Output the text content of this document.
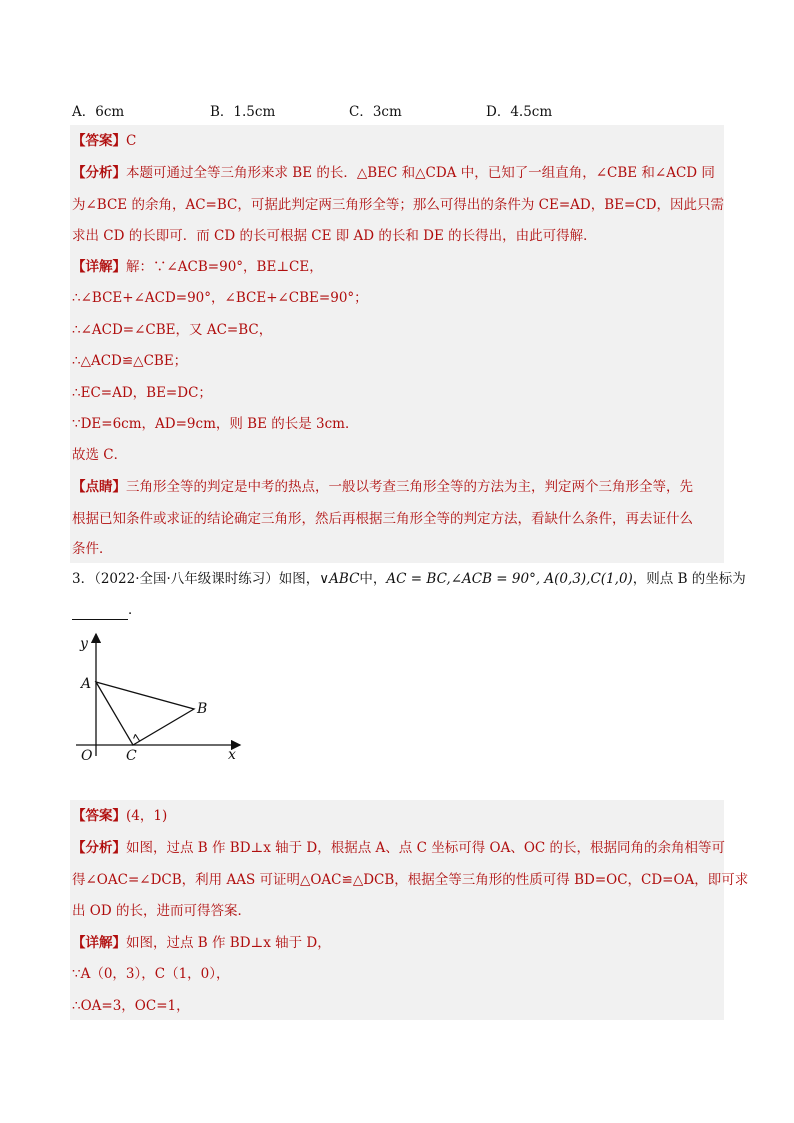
A．6cm	B．1.5cm	C．3cm	D．4.5cm
【答案】C
【分析】本题可通过全等三角形来求 BE 的长．△BEC 和△CDA 中，已知了一组直角，∠CBE 和∠ACD 同
为∠BCE 的余角，AC=BC，可据此判定两三角形全等；那么可得出的条件为 CE=AD，BE=CD，因此只需
求出 CD 的长即可．而 CD 的长可根据 CE 即 AD 的长和 DE 的长得出，由此可得解．
【详解】解：∵∠ACB=90°，BE⊥CE，
∴∠BCE+∠ACD=90°，∠BCE+∠CBE=90°；
∴∠ACD=∠CBE，又 AC=BC，
∴△ACD≌△CBE；
∴EC=AD，BE=DC；
∵DE=6cm，AD=9cm，则 BE 的长是 3cm．
故选 C．
【点睛】三角形全等的判定是中考的热点，一般以考查三角形全等的方法为主，判定两个三角形全等，先
根据已知条件或求证的结论确定三角形，然后再根据三角形全等的判定方法，看缺什么条件，再去证什么
条件．
3．（2022·全国·八年级课时练习）如图，∨ABC中，AC = BC,∠ACB = 90°, A(0,3),C(1,0)，则点 B 的坐标为
．
y
x
O
A
B
C
【答案】(4，1)
【分析】如图，过点 B 作 BD⊥x 轴于 D，根据点 A、点 C 坐标可得 OA、OC 的长，根据同角的余角相等可
得∠OAC=∠DCB，利用 AAS 可证明△OAC≌△DCB，根据全等三角形的性质可得 BD=OC，CD=OA，即可求
出 OD 的长，进而可得答案．
【详解】如图，过点 B 作 BD⊥x 轴于 D，
∵A（0，3），C（1，0），
∴OA=3，OC=1，
